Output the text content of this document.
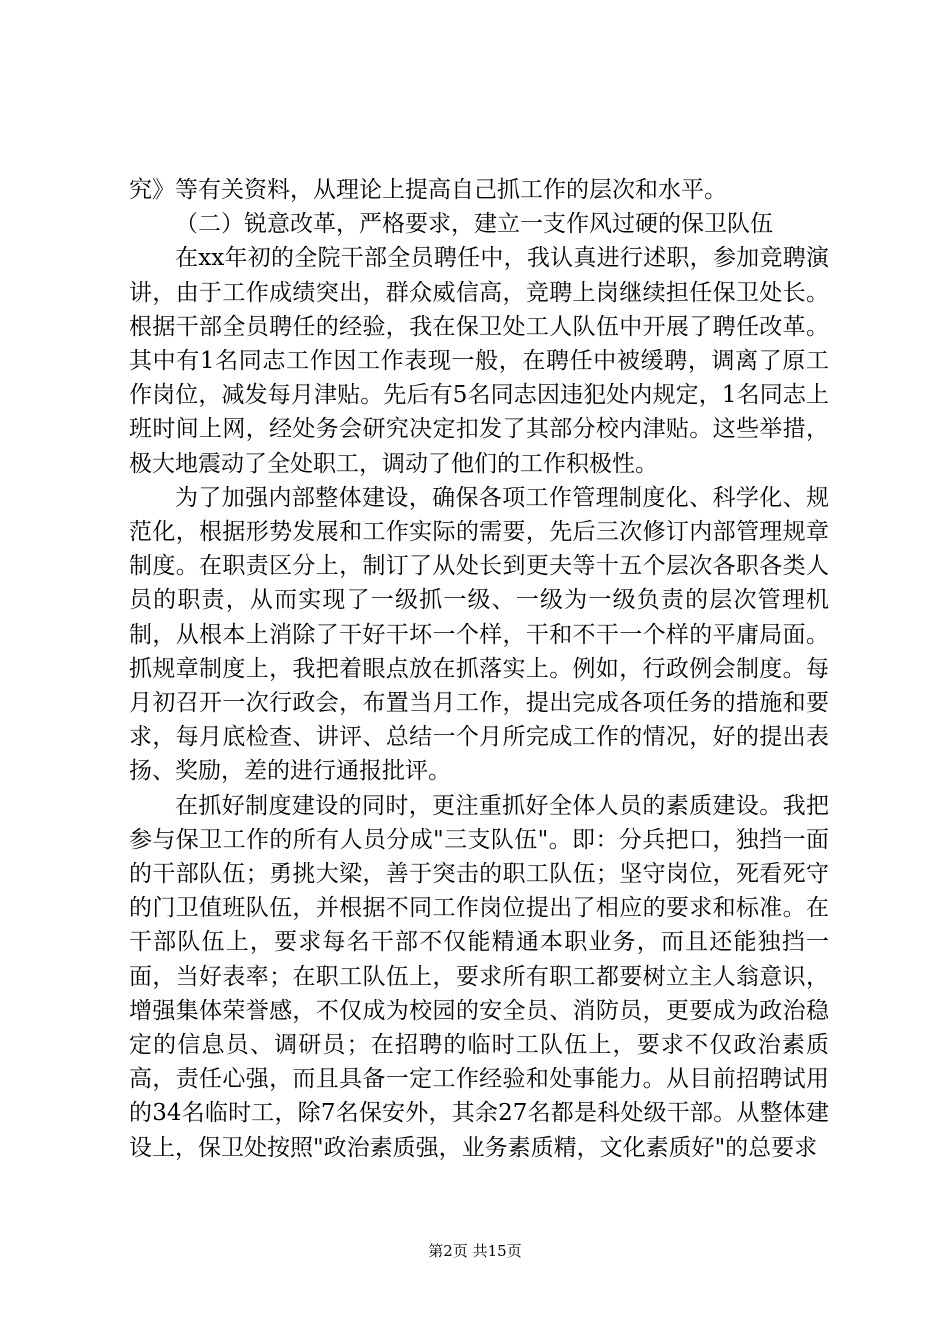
究》等有关资料，从理论上提高自己抓工作的层次和水平。

（二）锐意改革，严格要求，建立一支作风过硬的保卫队伍

在xx年初的全院干部全员聘任中，我认真进行述职，参加竞聘演讲，由于工作成绩突出，群众威信高，竞聘上岗继续担任保卫处长。根据干部全员聘任的经验，我在保卫处工人队伍中开展了聘任改革。其中有1名同志工作因工作表现一般，在聘任中被缓聘，调离了原工作岗位，减发每月津贴。先后有5名同志因违犯处内规定，1名同志上班时间上网，经处务会研究决定扣发了其部分校内津贴。这些举措，极大地震动了全处职工，调动了他们的工作积极性。

为了加强内部整体建设，确保各项工作管理制度化、科学化、规范化，根据形势发展和工作实际的需要，先后三次修订内部管理规章制度。在职责区分上，制订了从处长到更夫等十五个层次各职各类人员的职责，从而实现了一级抓一级、一级为一级负责的层次管理机制，从根本上消除了干好干坏一个样，干和不干一个样的平庸局面。抓规章制度上，我把着眼点放在抓落实上。例如，行政例会制度。每月初召开一次行政会，布置当月工作，提出完成各项任务的措施和要求，每月底检查、讲评、总结一个月所完成工作的情况，好的提出表扬、奖励，差的进行通报批评。

在抓好制度建设的同时，更注重抓好全体人员的素质建设。我把参与保卫工作的所有人员分成"三支队伍"。即：分兵把口，独挡一面的干部队伍；勇挑大梁，善于突击的职工队伍；坚守岗位，死看死守的门卫值班队伍，并根据不同工作岗位提出了相应的要求和标准。在干部队伍上，要求每名干部不仅能精通本职业务，而且还能独挡一面，当好表率；在职工队伍上，要求所有职工都要树立主人翁意识，增强集体荣誉感，不仅成为校园的安全员、消防员，更要成为政治稳定的信息员、调研员；在招聘的临时工队伍上，要求不仅政治素质高，责任心强，而且具备一定工作经验和处事能力。从目前招聘试用的34名临时工，除7名保安外，其余27名都是科处级干部。从整体建设上，保卫处按照"政治素质强，业务素质精，文化素质好"的总要求

第2页 共15页
